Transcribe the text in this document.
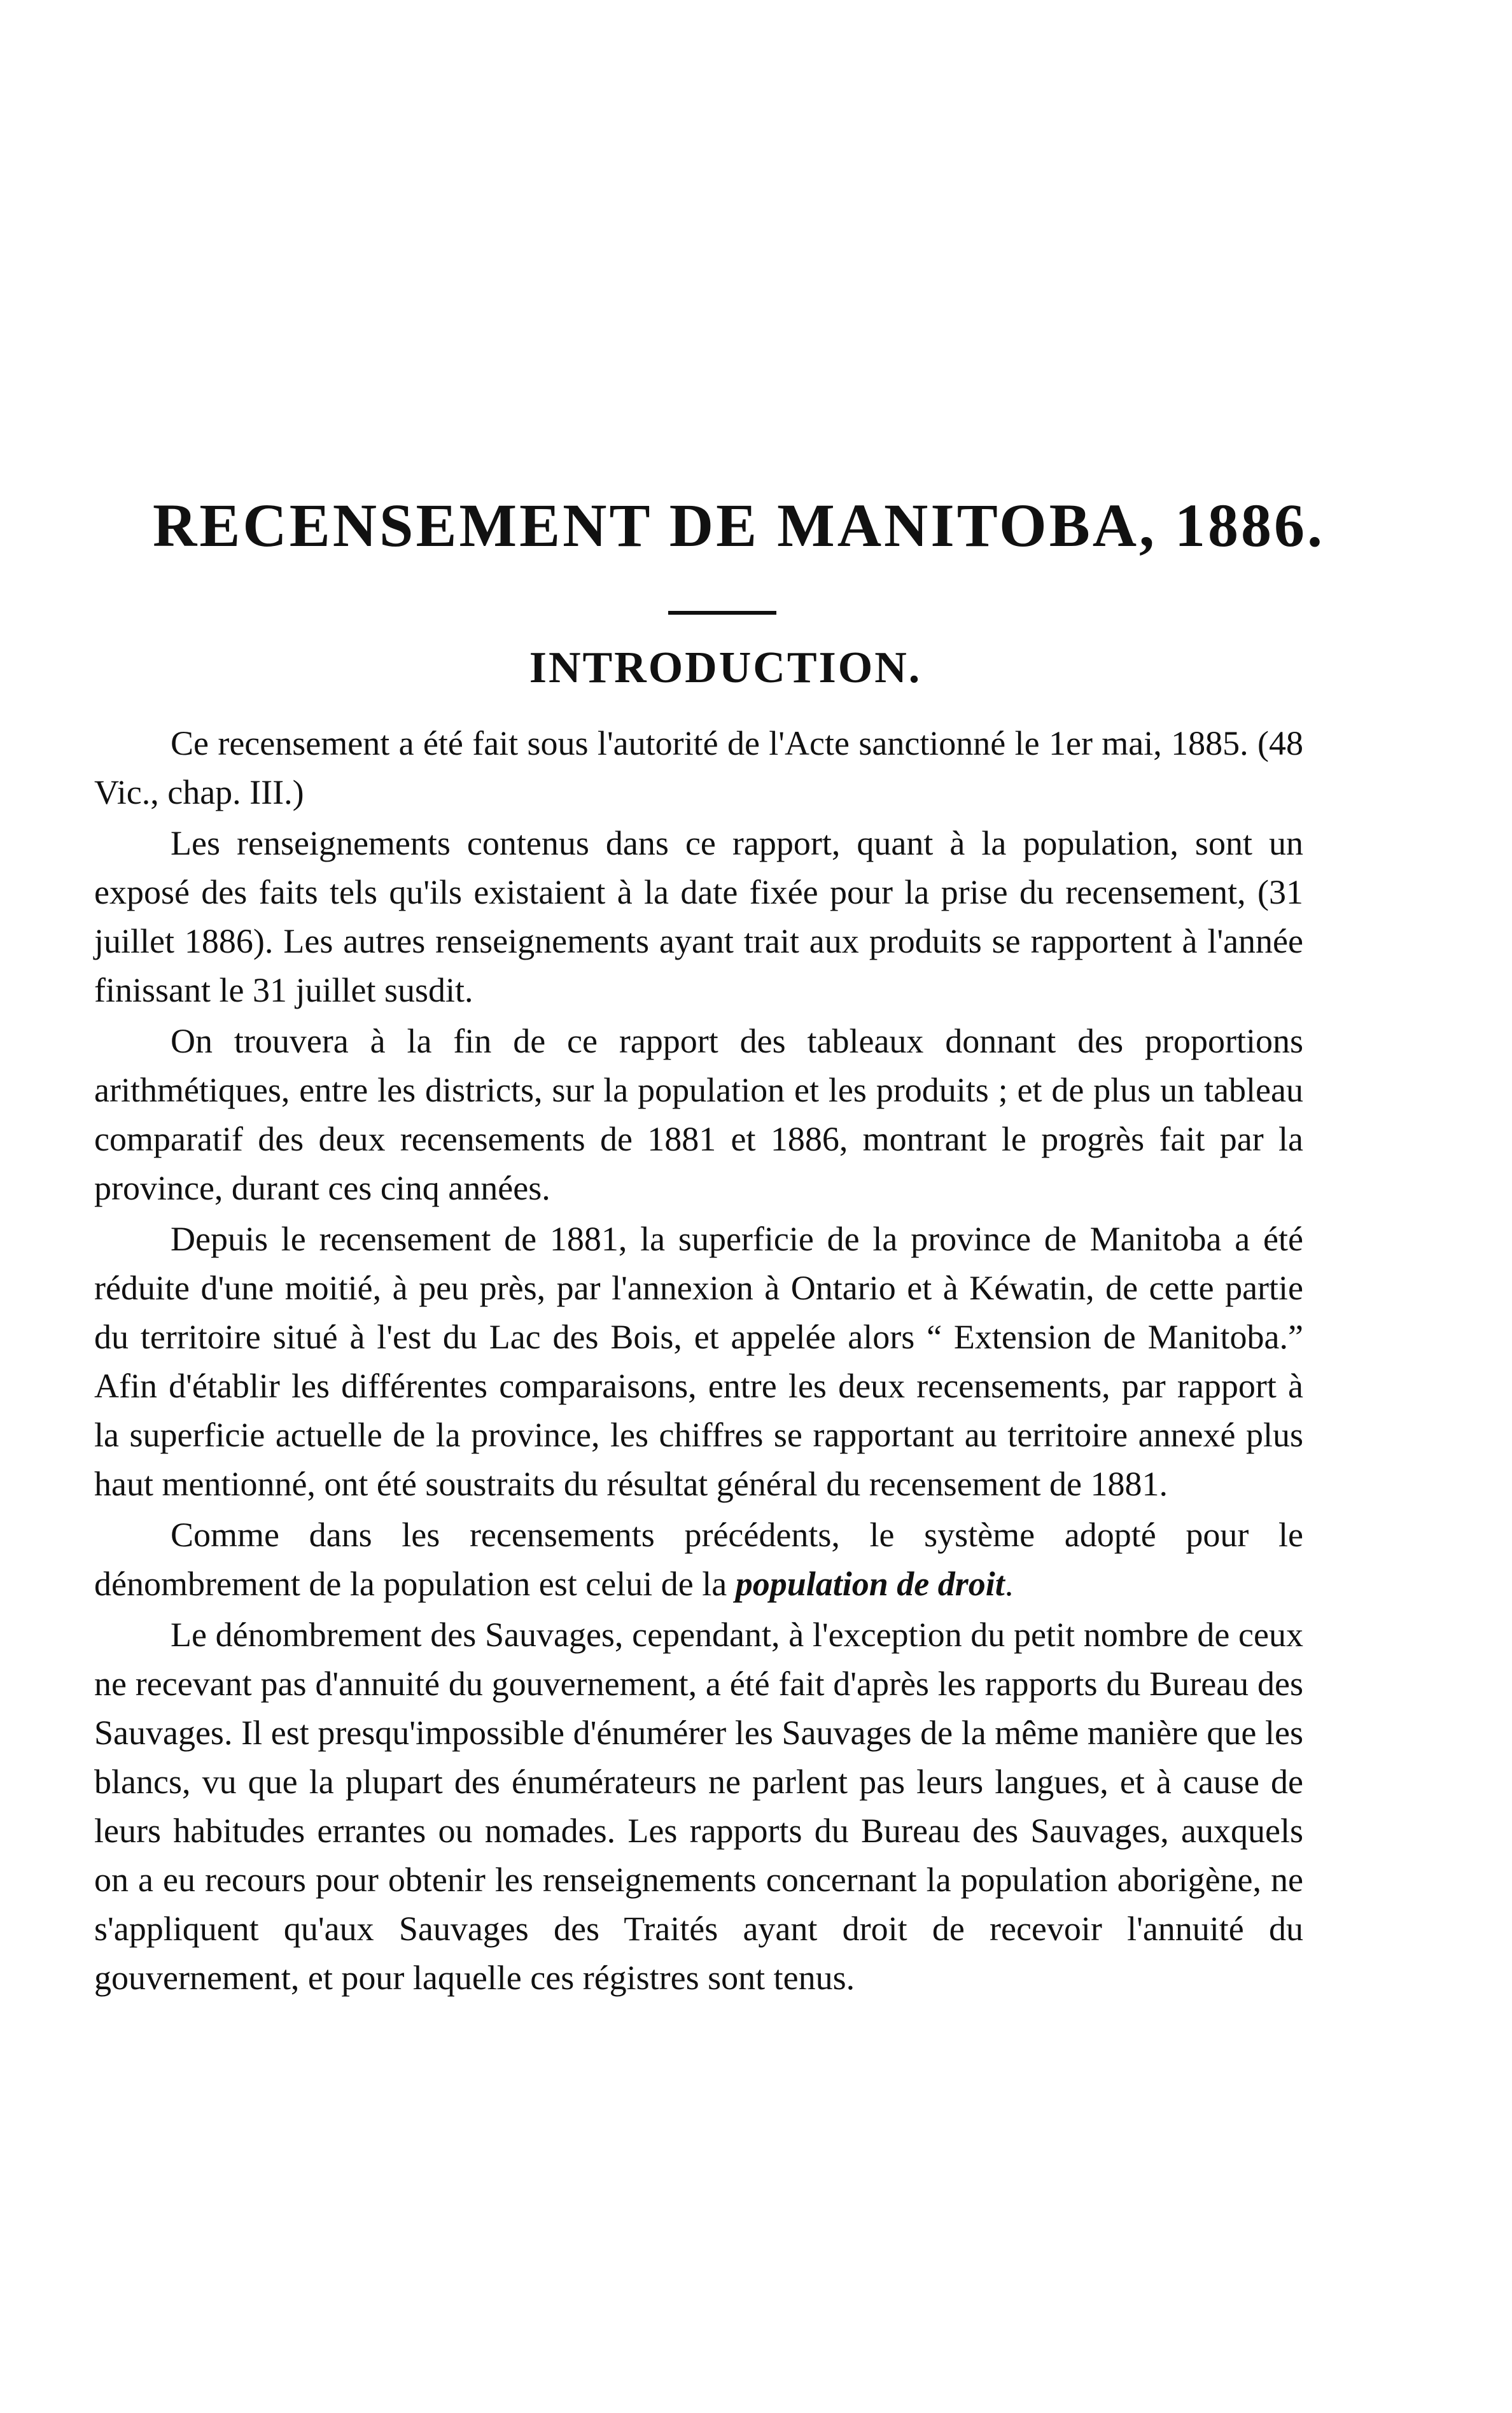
RECENSEMENT DE MANITOBA, 1886.
INTRODUCTION.

Ce recensement a été fait sous l'autorité de l'Acte sanctionné le 1er mai, 1885. (48 Vic., chap. III.)

Les renseignements contenus dans ce rapport, quant à la population, sont un exposé des faits tels qu'ils existaient à la date fixée pour la prise du recensement, (31 juillet 1886). Les autres renseignements ayant trait aux produits se rapportent à l'année finissant le 31 juillet susdit.

On trouvera à la fin de ce rapport des tableaux donnant des proportions arithmétiques, entre les districts, sur la population et les produits ; et de plus un tableau comparatif des deux recensements de 1881 et 1886, montrant le progrès fait par la province, durant ces cinq années.

Depuis le recensement de 1881, la superficie de la province de Manitoba a été réduite d'une moitié, à peu près, par l'annexion à Ontario et à Kéwatin, de cette partie du territoire situé à l'est du Lac des Bois, et appelée alors “ Extension de Manitoba.” Afin d'établir les différentes comparaisons, entre les deux recensements, par rapport à la superficie actuelle de la province, les chiffres se rapportant au territoire annexé plus haut mentionné, ont été soustraits du résultat général du recensement de 1881.

Comme dans les recensements précédents, le système adopté pour le dénombrement de la population est celui de la population de droit.

Le dénombrement des Sauvages, cependant, à l'exception du petit nombre de ceux ne recevant pas d'annuité du gouvernement, a été fait d'après les rapports du Bureau des Sauvages. Il est presqu'impossible d'énumérer les Sauvages de la même manière que les blancs, vu que la plupart des énumérateurs ne parlent pas leurs langues, et à cause de leurs habitudes errantes ou nomades. Les rapports du Bureau des Sauvages, auxquels on a eu recours pour obtenir les renseignements concernant la population aborigène, ne s'appliquent qu'aux Sauvages des Traités ayant droit de recevoir l'annuité du gouvernement, et pour laquelle ces régistres sont tenus.
